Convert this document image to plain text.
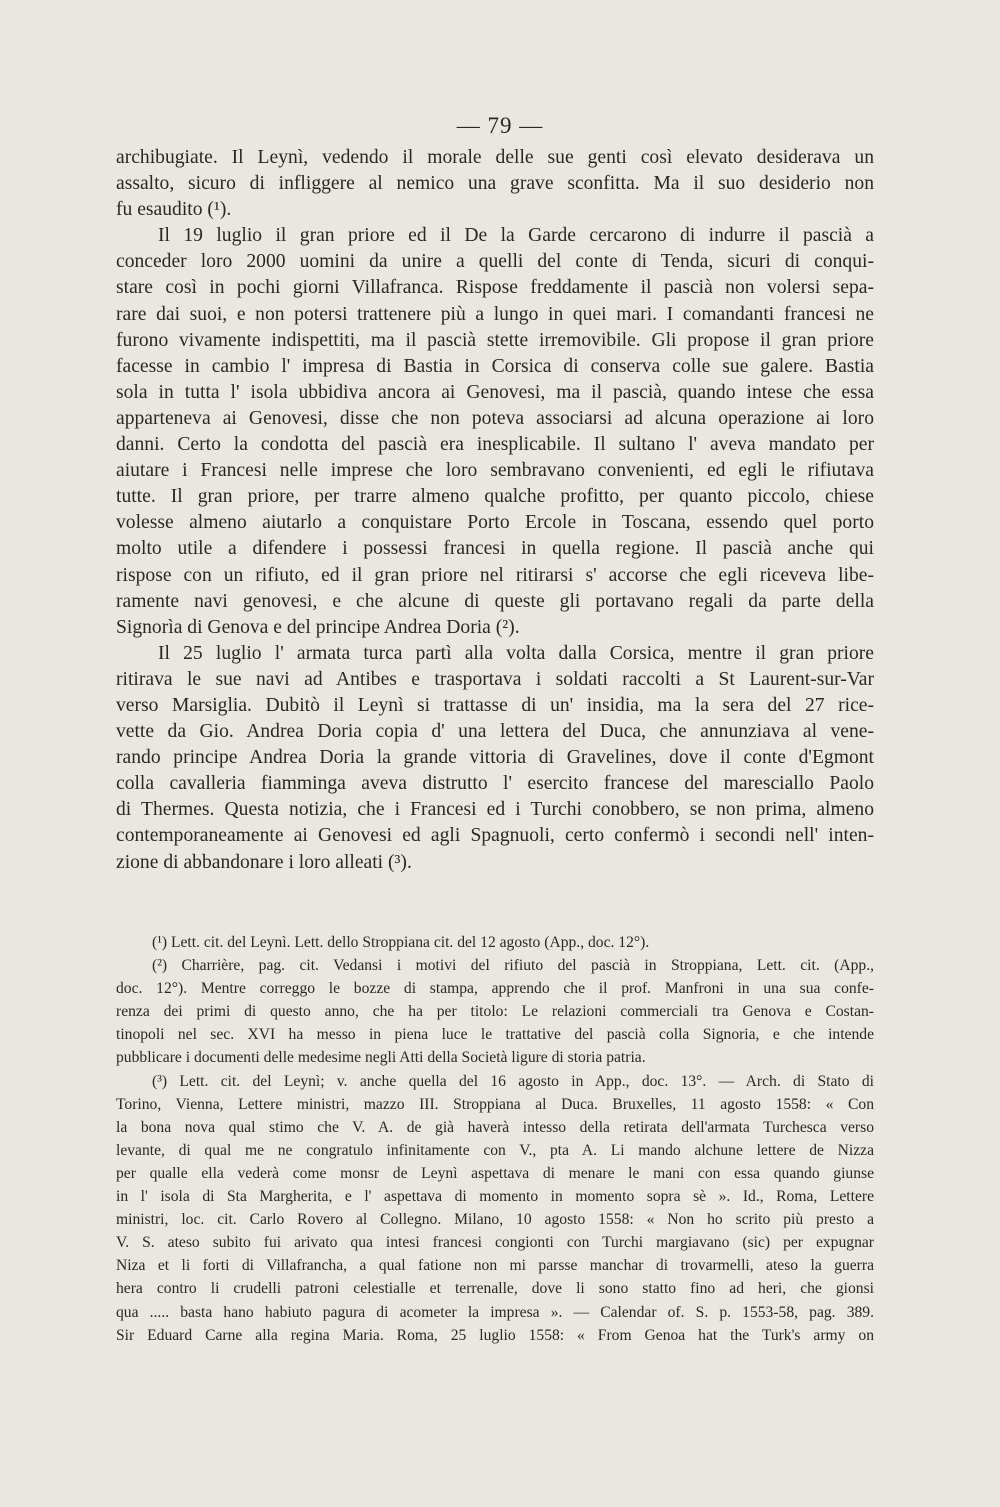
— 79 —
archibugiate. Il Leynì, vedendo il morale delle sue genti così elevato desiderava un
assalto, sicuro di infliggere al nemico una grave sconfitta. Ma il suo desiderio non
fu esaudito (¹).
Il 19 luglio il gran priore ed il De la Garde cercarono di indurre il pascià a
conceder loro 2000 uomini da unire a quelli del conte di Tenda, sicuri di conqui-
stare così in pochi giorni Villafranca. Rispose freddamente il pascià non volersi sepa-
rare dai suoi, e non potersi trattenere più a lungo in quei mari. I comandanti francesi ne
furono vivamente indispettiti, ma il pascià stette irremovibile. Gli propose il gran priore
facesse in cambio l' impresa di Bastia in Corsica di conserva colle sue galere. Bastia
sola in tutta l' isola ubbidiva ancora ai Genovesi, ma il pascià, quando intese che essa
apparteneva ai Genovesi, disse che non poteva associarsi ad alcuna operazione ai loro
danni. Certo la condotta del pascià era inesplicabile. Il sultano l' aveva mandato per
aiutare i Francesi nelle imprese che loro sembravano convenienti, ed egli le rifiutava
tutte. Il gran priore, per trarre almeno qualche profitto, per quanto piccolo, chiese
volesse almeno aiutarlo a conquistare Porto Ercole in Toscana, essendo quel porto
molto utile a difendere i possessi francesi in quella regione. Il pascià anche qui
rispose con un rifiuto, ed il gran priore nel ritirarsi s' accorse che egli riceveva libe-
ramente navi genovesi, e che alcune di queste gli portavano regali da parte della
Signorìa di Genova e del principe Andrea Doria (²).
Il 25 luglio l' armata turca partì alla volta dalla Corsica, mentre il gran priore
ritirava le sue navi ad Antibes e trasportava i soldati raccolti a St Laurent-sur-Var
verso Marsiglia. Dubitò il Leynì si trattasse di un' insidia, ma la sera del 27 rice-
vette da Gio. Andrea Doria copia d' una lettera del Duca, che annunziava al vene-
rando principe Andrea Doria la grande vittoria di Gravelines, dove il conte d'Egmont
colla cavalleria fiamminga aveva distrutto l' esercito francese del maresciallo Paolo
di Thermes. Questa notizia, che i Francesi ed i Turchi conobbero, se non prima, almeno
contemporaneamente ai Genovesi ed agli Spagnuoli, certo confermò i secondi nell' inten-
zione di abbandonare i loro alleati (³).
(¹) Lett. cit. del Leynì. Lett. dello Stroppiana cit. del 12 agosto (App., doc. 12°).
(²) Charrière, pag. cit. Vedansi i motivi del rifiuto del pascià in Stroppiana, Lett. cit. (App.,
doc. 12°). Mentre correggo le bozze di stampa, apprendo che il prof. Manfroni in una sua confe-
renza dei primi di questo anno, che ha per titolo: Le relazioni commerciali tra Genova e Costan-
tinopoli nel sec. XVI ha messo in piena luce le trattative del pascià colla Signoria, e che intende
pubblicare i documenti delle medesime negli Atti della Società ligure di storia patria.
(³) Lett. cit. del Leynì; v. anche quella del 16 agosto in App., doc. 13°. — Arch. di Stato di
Torino, Vienna, Lettere ministri, mazzo III. Stroppiana al Duca. Bruxelles, 11 agosto 1558: « Con
la bona nova qual stimo che V. A. de già haverà intesso della retirata dell'armata Turchesca verso
levante, di qual me ne congratulo infinitamente con V., pta A. Li mando alchune lettere de Nizza
per qualle ella vederà come monsr de Leynì aspettava di menare le mani con essa quando giunse
in l' isola di Sta Margherita, e l' aspettava di momento in momento sopra sè ». Id., Roma, Lettere
ministri, loc. cit. Carlo Rovero al Collegno. Milano, 10 agosto 1558: « Non ho scrito più presto a
V. S. ateso subito fui arivato qua intesi francesi congionti con Turchi margiavano (sic) per expugnar
Niza et li forti di Villafrancha, a qual fatione non mi parsse manchar di trovarmelli, ateso la guerra
hera contro li crudelli patroni celestialle et terrenalle, dove li sono statto fino ad heri, che gionsi
qua ..... basta hano habiuto pagura di acometer la impresa ». — Calendar of. S. p. 1553-58, pag. 389.
Sir Eduard Carne alla regina Maria. Roma, 25 luglio 1558: « From Genoa hat the Turk's army on
